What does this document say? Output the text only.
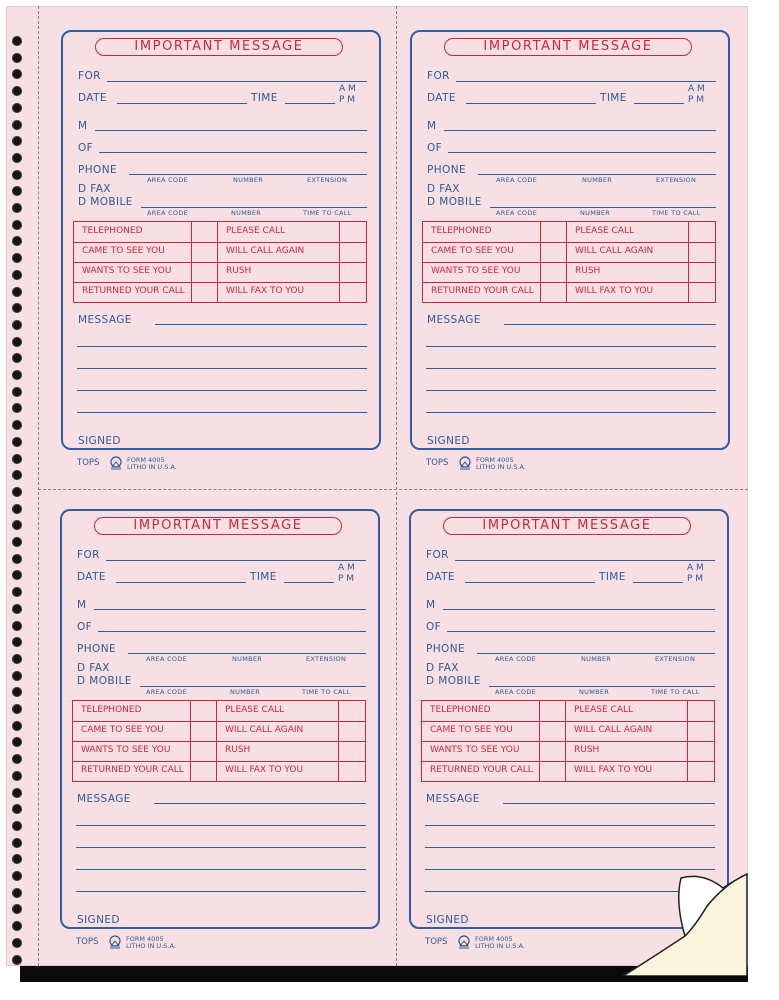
IMPORTANT MESSAGE
FOR
DATE	TIME
A M
P M
M
OF
PHONE
AREA CODE	NUMBER	EXTENSION
D FAX
D MOBILE
AREA CODE	NUMBER	TIME TO CALL
TELEPHONED	PLEASE CALL
CAME TO SEE YOU	WILL CALL AGAIN
WANTS TO SEE YOU	RUSH
RETURNED YOUR CALL	WILL FAX TO YOU
MESSAGE
SIGNED
TOPS	FORM 4005
LITHO IN U.S.A.
IMPORTANT MESSAGE
FOR
DATE	TIME
A M
P M
M
OF
PHONE
AREA CODE	NUMBER	EXTENSION
D FAX
D MOBILE
AREA CODE	NUMBER	TIME TO CALL
TELEPHONED	PLEASE CALL
CAME TO SEE YOU	WILL CALL AGAIN
WANTS TO SEE YOU	RUSH
RETURNED YOUR CALL	WILL FAX TO YOU
MESSAGE
SIGNED
TOPS	FORM 4005
LITHO IN U.S.A.
IMPORTANT MESSAGE
FOR
DATE	TIME
A M
P M
M
OF
PHONE
AREA CODE	NUMBER	EXTENSION
D FAX
D MOBILE
AREA CODE	NUMBER	TIME TO CALL
TELEPHONED	PLEASE CALL
CAME TO SEE YOU	WILL CALL AGAIN
WANTS TO SEE YOU	RUSH
RETURNED YOUR CALL	WILL FAX TO YOU
MESSAGE
SIGNED
TOPS	FORM 4005
LITHO IN U.S.A.
IMPORTANT MESSAGE
FOR
DATE	TIME
A M
P M
M
OF
PHONE
AREA CODE	NUMBER	EXTENSION
D FAX
D MOBILE
AREA CODE	NUMBER	TIME TO CALL
TELEPHONED	PLEASE CALL
CAME TO SEE YOU	WILL CALL AGAIN
WANTS TO SEE YOU	RUSH
RETURNED YOUR CALL	WILL FAX TO YOU
MESSAGE
SIGNED
TOPS	FORM 4005
LITHO IN U.S.A.
